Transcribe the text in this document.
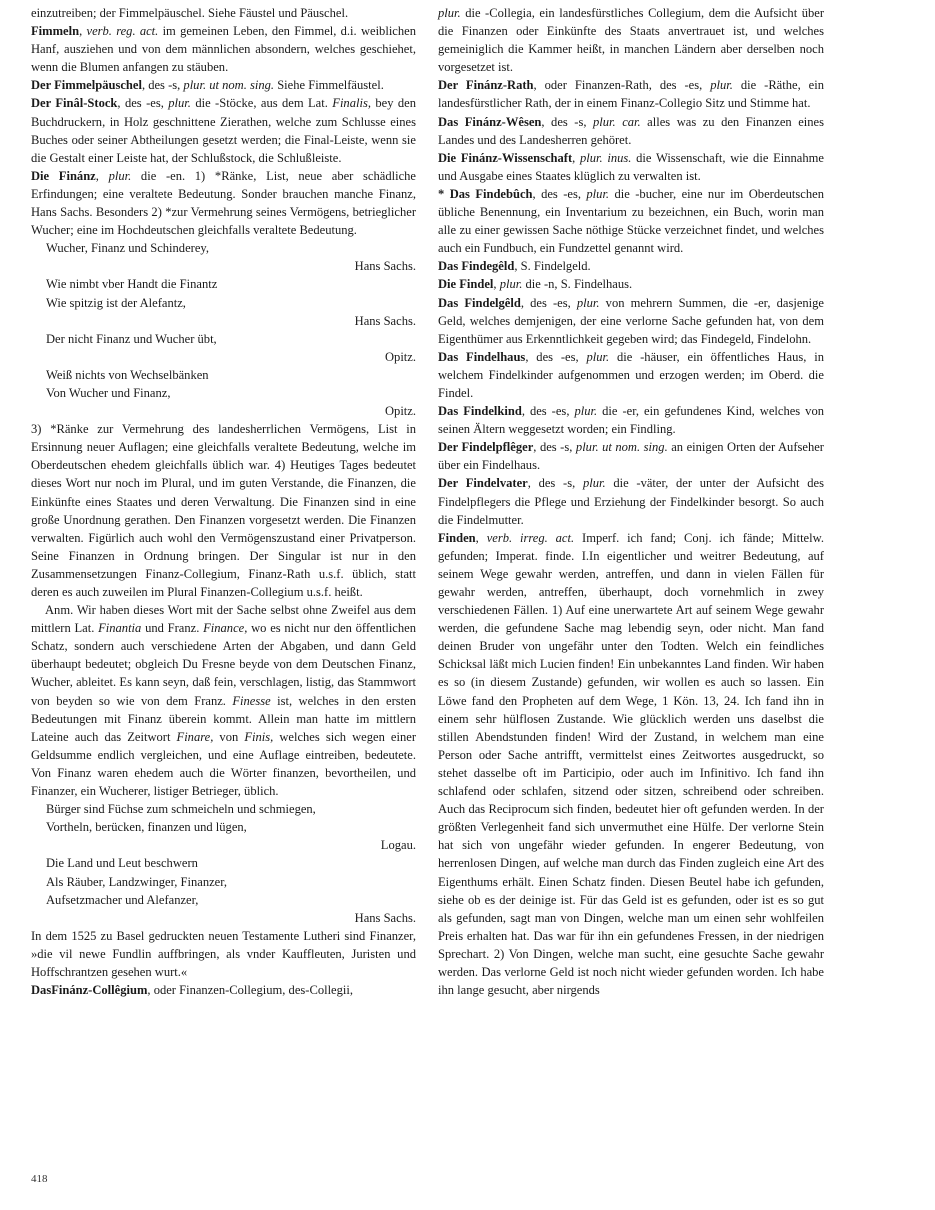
einzutreiben; der Fimmelpäuschel. Siehe Fäustel und Päuschel.

Fimmeln, verb. reg. act. im gemeinen Leben, den Fimmel, d.i. weiblichen Hanf, ausziehen und von dem männlichen absondern, welches geschiehet, wenn die Blumen anfangen zu stäuben.

Der Fimmelpäuschel, des -s, plur. ut nom. sing. Siehe Fimmelfäustel.

Der Finâl-Stock, des -es, plur. die -Stöcke, aus dem Lat. Finalis, bey den Buchdruckern, in Holz geschnittene Zierathen, welche zum Schlusse eines Buches oder seiner Abtheilungen gesetzt werden; die Final-Leiste, wenn sie die Gestalt einer Leiste hat, der Schlußstock, die Schlußleiste.

Die Finánz, plur. die -en. 1) *Ränke, List, neue aber schädliche Erfindungen; eine veraltete Bedeutung. Sonder brauchen manche Finanz, Hans Sachs. Besonders 2) *zur Vermehrung seines Vermögens, betrieglicher Wucher; eine im Hochdeutschen gleichfalls veraltete Bedeutung.

Wucher, Finanz und Schinderey,

Hans Sachs.

Wie nimbt vber Handt die Finantz

Wie spitzig ist der Alefantz,

Hans Sachs.

Der nicht Finanz und Wucher übt,

Opitz.

Weiß nichts von Wechselbänken

Von Wucher und Finanz,

Opitz.

3) *Ränke zur Vermehrung des landesherrlichen Vermögens, List in Ersinnung neuer Auflagen; eine gleichfalls veraltete Bedeutung, welche im Oberdeutschen ehedem gleichfalls üblich war. 4) Heutiges Tages bedeutet dieses Wort nur noch im Plural, und im guten Verstande, die Finanzen, die Einkünfte eines Staates und deren Verwaltung. Die Finanzen sind in eine große Unordnung gerathen. Den Finanzen vorgesetzt werden. Die Finanzen verwalten. Figürlich auch wohl den Vermögenszustand einer Privatperson. Seine Finanzen in Ordnung bringen. Der Singular ist nur in den Zusammensetzungen Finanz-Collegium, Finanz-Rath u.s.f. üblich, statt deren es auch zuweilen im Plural Finanzen-Collegium u.s.f. heißt.

Anm. Wir haben dieses Wort mit der Sache selbst ohne Zweifel aus dem mittlern Lat. Finantia und Franz. Finance, wo es nicht nur den öffentlichen Schatz, sondern auch verschiedene Arten der Abgaben, und dann Geld überhaupt bedeutet; obgleich Du Fresne beyde von dem Deutschen Finanz, Wucher, ableitet. Es kann seyn, daß fein, verschlagen, listig, das Stammwort von beyden so wie von dem Franz. Finesse ist, welches in den ersten Bedeutungen mit Finanz überein kommt. Allein man hatte im mittlern Lateine auch das Zeitwort Finare, von Finis, welches sich wegen einer Geldsumme endlich vergleichen, und eine Auflage eintreiben, bedeutete. Von Finanz waren ehedem auch die Wörter finanzen, bevortheilen, und Finanzer, ein Wucherer, listiger Betrieger, üblich.

Bürger sind Füchse zum schmeicheln und schmiegen,

Vortheln, berücken, finanzen und lügen,

Logau.

Die Land und Leut beschwern

Als Räuber, Landzwinger, Finanzer,

Aufsetzmacher und Alefanzer,

Hans Sachs.

In dem 1525 zu Basel gedruckten neuen Testamente Lutheri sind Finanzer, »die vil newe Fundlin auffbringen, als vnder Kauffleuten, Juristen und Hoffschrantzen gesehen wurt.«

DasFinánz-Collêgium, oder Finanzen-Collegium, des-Collegii,

plur. die -Collegia, ein landesfürstliches Collegium, dem die Aufsicht über die Finanzen oder Einkünfte des Staats anvertrauet ist, und welches gemeiniglich die Kammer heißt, in manchen Ländern aber derselben noch vorgesetzet ist.

Der Finánz-Rath, oder Finanzen-Rath, des -es, plur. die -Räthe, ein landesfürstlicher Rath, der in einem Finanz-Collegio Sitz und Stimme hat.

Das Finánz-Wêsen, des -s, plur. car. alles was zu den Finanzen eines Landes und des Landesherren gehöret.

Die Finánz-Wissenschaft, plur. inus. die Wissenschaft, wie die Einnahme und Ausgabe eines Staates klüglich zu verwalten ist.

* Das Findebûch, des -es, plur. die -bucher, eine nur im Oberdeutschen übliche Benennung, ein Inventarium zu bezeichnen, ein Buch, worin man alle zu einer gewissen Sache nöthige Stücke verzeichnet findet, und welches auch ein Fundbuch, ein Fundzettel genannt wird.

Das Findegêld, S. Findelgeld.

Die Findel, plur. die -n, S. Findelhaus.

Das Findelgêld, des -es, plur. von mehrern Summen, die -er, dasjenige Geld, welches demjenigen, der eine verlorne Sache gefunden hat, von dem Eigenthümer aus Erkenntlichkeit gegeben wird; das Findegeld, Findelohn.

Das Findelhaus, des -es, plur. die -häuser, ein öffentliches Haus, in welchem Findelkinder aufgenommen und erzogen werden; im Oberd. die Findel.

Das Findelkind, des -es, plur. die -er, ein gefundenes Kind, welches von seinen Ältern weggesetzt worden; ein Findling.

Der Findelpflêger, des -s, plur. ut nom. sing. an einigen Orten der Aufseher über ein Findelhaus.

Der Findelvater, des -s, plur. die -väter, der unter der Aufsicht des Findelpflegers die Pflege und Erziehung der Findelkinder besorgt. So auch die Findelmutter.

Finden, verb. irreg. act. Imperf. ich fand; Conj. ich fände; Mittelw. gefunden; Imperat. finde. I.In eigentlicher und weitrer Bedeutung, auf seinem Wege gewahr werden, antreffen, und dann in vielen Fällen für gewahr werden, antreffen, überhaupt, doch vornehmlich in zwey verschiedenen Fällen. 1) Auf eine unerwartete Art auf seinem Wege gewahr werden, die gefundene Sache mag lebendig seyn, oder nicht. Man fand deinen Bruder von ungefähr unter den Todten. Welch ein feindliches Schicksal läßt mich Lucien finden! Ein unbekanntes Land finden. Wir haben es so (in diesem Zustande) gefunden, wir wollen es auch so lassen. Ein Löwe fand den Propheten auf dem Wege, 1 Kön. 13, 24. Ich fand ihn in einem sehr hülflosen Zustande. Wie glücklich werden uns daselbst die stillen Abendstunden finden! Wird der Zustand, in welchem man eine Person oder Sache antrifft, vermittelst eines Zeitwortes ausgedruckt, so stehet dasselbe oft im Participio, oder auch im Infinitivo. Ich fand ihn schlafend oder schlafen, sitzend oder sitzen, schreibend oder schreiben. Auch das Reciprocum sich finden, bedeutet hier oft gefunden werden. In der größten Verlegenheit fand sich unvermuthet eine Hülfe. Der verlorne Stein hat sich von ungefähr wieder gefunden. In engerer Bedeutung, von herrenlosen Dingen, auf welche man durch das Finden zugleich eine Art des Eigenthums erhält. Einen Schatz finden. Diesen Beutel habe ich gefunden, siehe ob es der deinige ist. Für das Geld ist es gefunden, oder ist es so gut als gefunden, sagt man von Dingen, welche man um einen sehr wohlfeilen Preis erhalten hat. Das war für ihn ein gefundenes Fressen, in der niedrigen Sprechart. 2) Von Dingen, welche man sucht, eine gesuchte Sache gewahr werden. Das verlorne Geld ist noch nicht wieder gefunden worden. Ich habe ihn lange gesucht, aber nirgends

418
